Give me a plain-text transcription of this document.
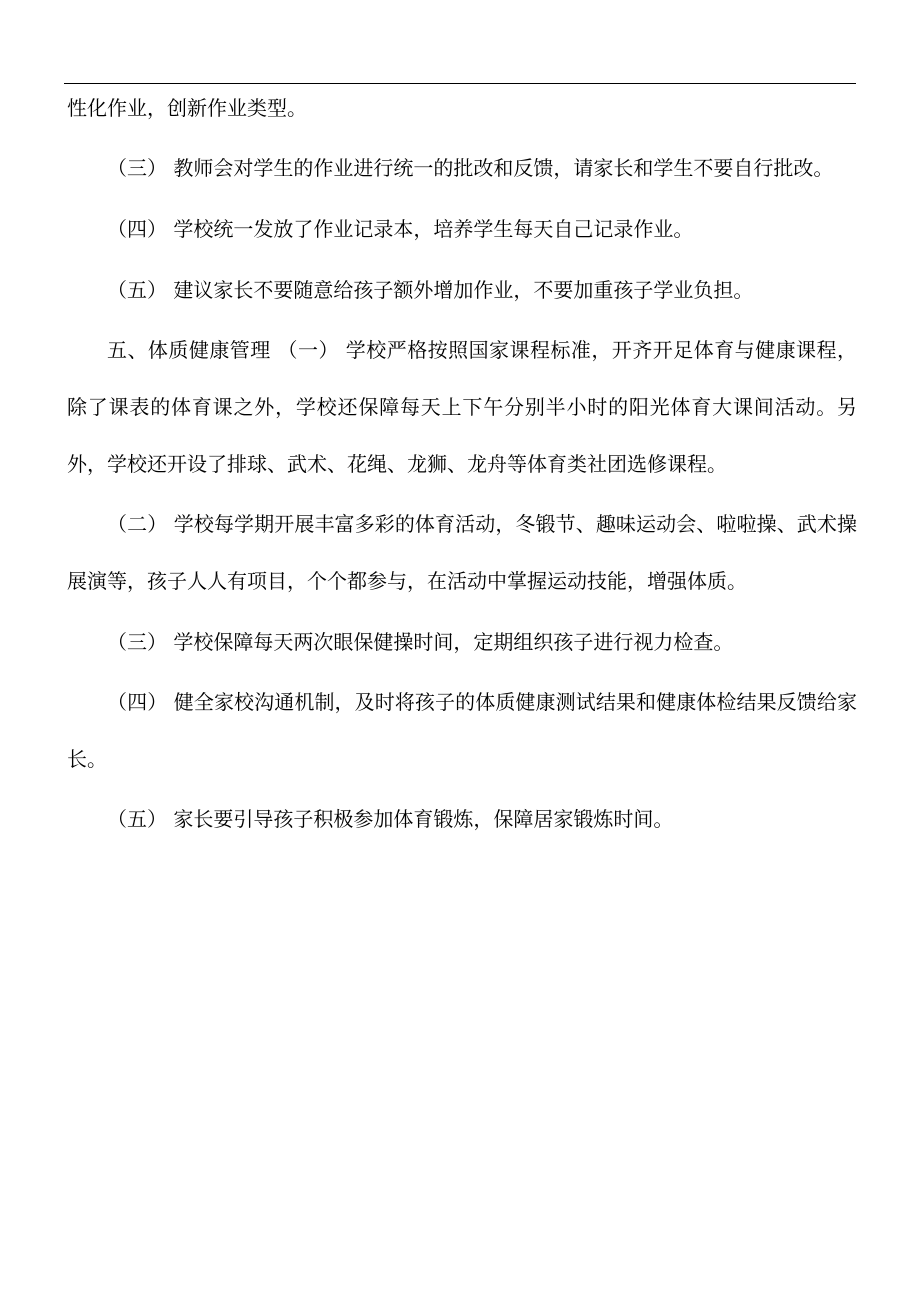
性化作业，创新作业类型。

（三） 教师会对学生的作业进行统一的批改和反馈，请家长和学生不要自行批改。

（四） 学校统一发放了作业记录本，培养学生每天自己记录作业。

（五） 建议家长不要随意给孩子额外增加作业，不要加重孩子学业负担。

五、体质健康管理 （一） 学校严格按照国家课程标准，开齐开足体育与健康课程，除了课表的体育课之外，学校还保障每天上下午分别半小时的阳光体育大课间活动。另外，学校还开设了排球、武术、花绳、龙狮、龙舟等体育类社团选修课程。

（二） 学校每学期开展丰富多彩的体育活动，冬锻节、趣味运动会、啦啦操、武术操展演等，孩子人人有项目，个个都参与，在活动中掌握运动技能，增强体质。

（三） 学校保障每天两次眼保健操时间，定期组织孩子进行视力检查。

（四） 健全家校沟通机制，及时将孩子的体质健康测试结果和健康体检结果反馈给家长。

（五） 家长要引导孩子积极参加体育锻炼，保障居家锻炼时间。
